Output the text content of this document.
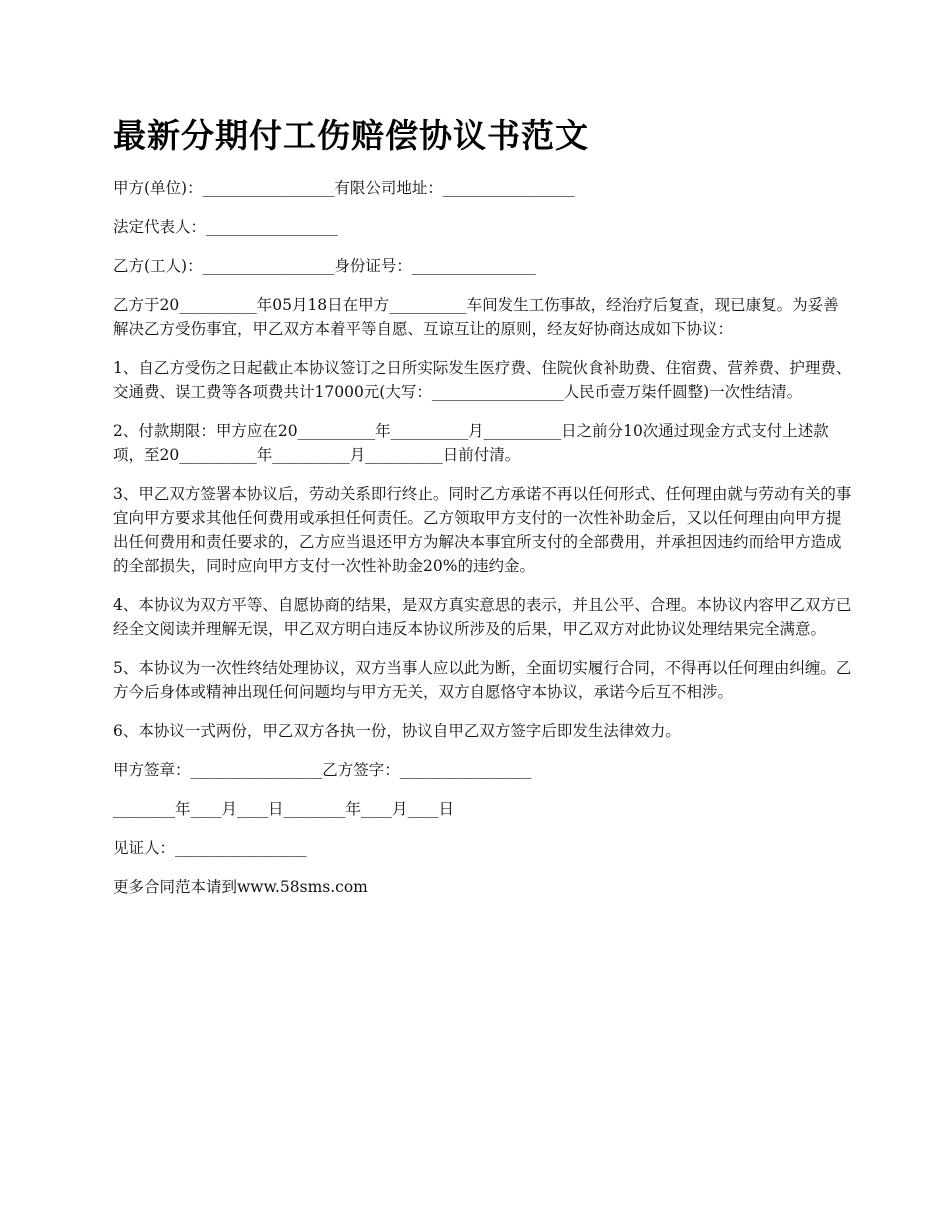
最新分期付工伤赔偿协议书范文

甲方(单位)：_________________有限公司地址：_________________

法定代表人：_________________

乙方(工人)：_________________身份证号：________________

乙方于20__________年05月18日在甲方__________车间发生工伤事故，经治疗后复查，现已康复。为妥善解决乙方受伤事宜，甲乙双方本着平等自愿、互谅互让的原则，经友好协商达成如下协议：

1、自乙方受伤之日起截止本协议签订之日所实际发生医疗费、住院伙食补助费、住宿费、营养费、护理费、交通费、误工费等各项费共计17000元(大写：_________________人民币壹万柒仟圆整)一次性结清。

2、付款期限：甲方应在20__________年__________月__________日之前分10次通过现金方式支付上述款项，至20__________年__________月__________日前付清。

3、甲乙双方签署本协议后，劳动关系即行终止。同时乙方承诺不再以任何形式、任何理由就与劳动有关的事宜向甲方要求其他任何费用或承担任何责任。乙方领取甲方支付的一次性补助金后，又以任何理由向甲方提出任何费用和责任要求的，乙方应当退还甲方为解决本事宜所支付的全部费用，并承担因违约而给甲方造成的全部损失，同时应向甲方支付一次性补助金20%的违约金。

4、本协议为双方平等、自愿协商的结果，是双方真实意思的表示，并且公平、合理。本协议内容甲乙双方已经全文阅读并理解无误，甲乙双方明白违反本协议所涉及的后果，甲乙双方对此协议处理结果完全满意。

5、本协议为一次性终结处理协议，双方当事人应以此为断，全面切实履行合同，不得再以任何理由纠缠。乙方今后身体或精神出现任何问题均与甲方无关，双方自愿恪守本协议，承诺今后互不相涉。

6、本协议一式两份，甲乙双方各执一份，协议自甲乙双方签字后即发生法律效力。

甲方签章：_________________乙方签字：_________________

________年____月____日________年____月____日

见证人：_________________

更多合同范本请到www.58sms.com
